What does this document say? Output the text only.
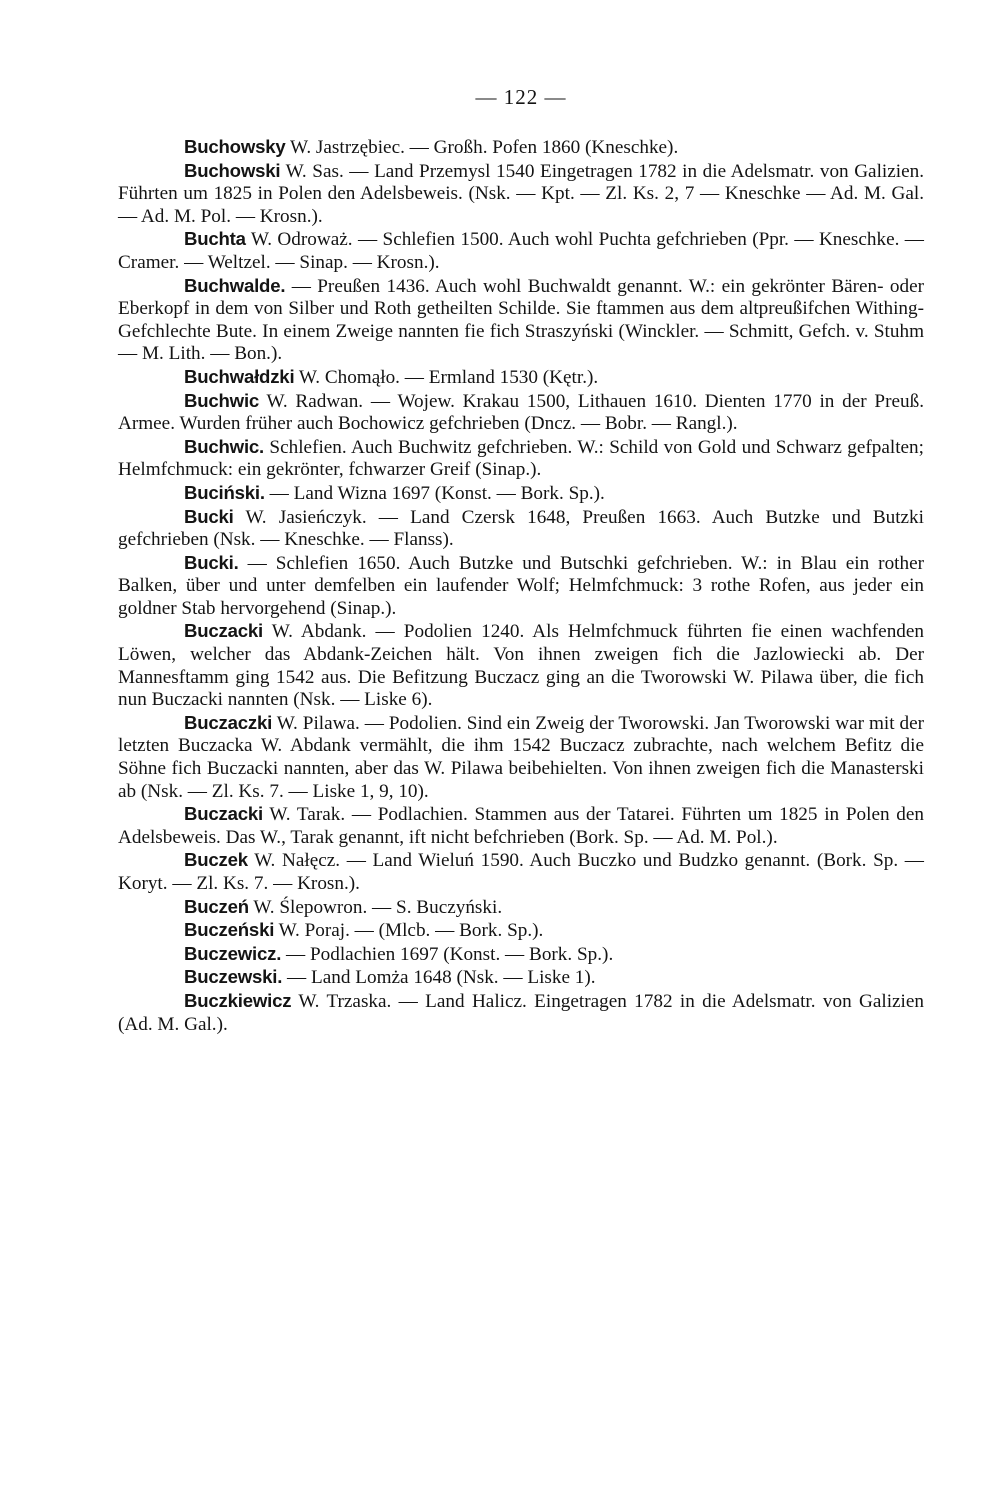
— 122 —

Buchowsky W. Jastrzębiec. — Großh. Pofen 1860 (Kneschke).

Buchowski W. Sas. — Land Przemysl 1540 Eingetragen 1782 in die Adelsmatr. von Galizien. Führten um 1825 in Polen den Adelsbeweis. (Nsk. — Kpt. — Zl. Ks. 2, 7 — Kneschke — Ad. M. Gal. — Ad. M. Pol. — Krosn.).

Buchta W. Odroważ. — Schlefien 1500. Auch wohl Puchta gefchrieben (Ppr. — Kneschke. — Cramer. — Weltzel. — Sinap. — Krosn.).

Buchwalde. — Preußen 1436. Auch wohl Buchwaldt genannt. W.: ein gekrönter Bären- oder Eberkopf in dem von Silber und Roth getheilten Schilde. Sie ftammen aus dem altpreußifchen Withing-Gefchlechte Bute. In einem Zweige nannten fie fich Straszyński (Winckler. — Schmitt, Gefch. v. Stuhm — M. Lith. — Bon.).

Buchwałdzki W. Chomąło. — Ermland 1530 (Kętr.).

Buchwic W. Radwan. — Wojew. Krakau 1500, Lithauen 1610. Dienten 1770 in der Preuß. Armee. Wurden früher auch Bochowicz gefchrieben (Dncz. — Bobr. — Rangl.).

Buchwic. Schlefien. Auch Buchwitz gefchrieben. W.: Schild von Gold und Schwarz gefpalten; Helmfchmuck: ein gekrönter, fchwarzer Greif (Sinap.).

Buciński. — Land Wizna 1697 (Konst. — Bork. Sp.).

Bucki W. Jasieńczyk. — Land Czersk 1648, Preußen 1663. Auch Butzke und Butzki gefchrieben (Nsk. — Kneschke. — Flanss).

Bucki. — Schlefien 1650. Auch Butzke und Butschki gefchrieben. W.: in Blau ein rother Balken, über und unter demfelben ein laufender Wolf; Helmfchmuck: 3 rothe Rofen, aus jeder ein goldner Stab hervorgehend (Sinap.).

Buczacki W. Abdank. — Podolien 1240. Als Helmfchmuck führten fie einen wachfenden Löwen, welcher das Abdank-Zeichen hält. Von ihnen zweigen fich die Jazlowiecki ab. Der Mannesftamm ging 1542 aus. Die Befitzung Buczacz ging an die Tworowski W. Pilawa über, die fich nun Buczacki nannten (Nsk. — Liske 6).

Buczaczki W. Pilawa. — Podolien. Sind ein Zweig der Tworowski. Jan Tworowski war mit der letzten Buczacka W. Abdank vermählt, die ihm 1542 Buczacz zubrachte, nach welchem Befitz die Söhne fich Buczacki nannten, aber das W. Pilawa beibehielten. Von ihnen zweigen fich die Manasterski ab (Nsk. — Zl. Ks. 7. — Liske 1, 9, 10).

Buczacki W. Tarak. — Podlachien. Stammen aus der Tatarei. Führten um 1825 in Polen den Adelsbeweis. Das W., Tarak genannt, ift nicht befchrieben (Bork. Sp. — Ad. M. Pol.).

Buczek W. Nałęcz. — Land Wieluń 1590. Auch Buczko und Budzko genannt. (Bork. Sp. — Koryt. — Zl. Ks. 7. — Krosn.).

Buczeń W. Ślepowron. — S. Buczyński.

Buczeński W. Poraj. — (Mlcb. — Bork. Sp.).

Buczewicz. — Podlachien 1697 (Konst. — Bork. Sp.).

Buczewski. — Land Lomża 1648 (Nsk. — Liske 1).

Buczkiewicz W. Trzaska. — Land Halicz. Eingetragen 1782 in die Adelsmatr. von Galizien (Ad. M. Gal.).
